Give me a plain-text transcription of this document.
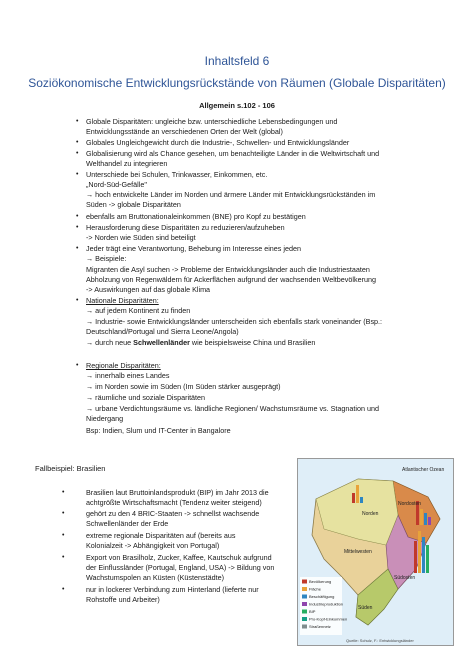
Inhaltsfeld 6
Soziökonomische Entwicklungsrückstände von Räumen (Globale Disparitäten)
Allgemein s.102 - 106
• Globale Disparitäten: ungleiche bzw. unterschiedliche Lebensbedingungen und
Entwicklungsstände an verschiedenen Orten der Welt (global)
• Globales Ungleichgewicht durch die Industrie-, Schwellen- und Entwicklungsländer
• Globalisierung wird als Chance gesehen, um benachteiligte Länder in die Weltwirtschaft und
Welthandel zu integrieren
• Unterschiede bei Schulen, Trinkwasser, Einkommen, etc.
„Nord-Süd-Gefälle"
→ hoch entwickelte Länder im Norden und ärmere Länder mit Entwicklungsrückständen im
Süden -> globale Disparitäten
• ebenfalls am Bruttonationaleinkommen (BNE) pro Kopf zu bestätigen
• Herausforderung diese Disparitäten zu reduzieren/aufzuheben
-> Norden wie Süden sind beteiligt
• Jeder trägt eine Verantwortung, Behebung im Interesse eines jeden
→ Beispiele:
Migranten die Asyl suchen -> Probleme der Entwicklungsländer auch die Industriestaaten
Abholzung von Regenwäldern für Ackerflächen aufgrund der wachsenden Weltbevölkerung
-> Auswirkungen auf das globale Klima
• Nationale Disparitäten:
→ auf jedem Kontinent zu finden
→ Industrie- sowie Entwicklungsländer unterscheiden sich ebenfalls stark voneinander (Bsp.:
Deutschland/Portugal und Sierra Leone/Angola)
→ durch neue Schwellenländer wie beispielsweise China und Brasilien
• Regionale Disparitäten:
→ innerhalb eines Landes
→ im Norden sowie im Süden (Im Süden stärker ausgeprägt)
→ räumliche und soziale Disparitäten
→ urbane Verdichtungsräume vs. ländliche Regionen/ Wachstumsräume vs. Stagnation und
Niedergang
Bsp: Indien, Slum und IT-Center in Bangalore
Fallbeispiel: Brasilien
•	Brasilien laut Bruttoinlandsprodukt (BIP) im Jahr 2013 die
achtgrößte Wirtschaftsmacht (Tendenz weiter steigend)
•	gehört zu den 4 BRIC-Staaten -> schnellst wachsende
Schwellenländer der Erde
•	extreme regionale Disparitäten auf (bereits aus
Kolonialzeit -> Abhängigkeit von Portugal)
•	Export von Brasilholz, Zucker, Kaffee, Kautschuk aufgrund
der Einflussländer (Portugal, England, USA) -> Bildung von
Wachstumspolen an Küsten (Küstenstädte)
•	nur in lockerer Verbindung zum Hinterland (lieferte nur
Rohstoffe und Arbeiter)
Atlantischer Ozean
Norden
Nordosten
Mittelwesten
Südosten
Süden
Bevölkerung
Fläche
Beschäftigung
Industrieproduktion
BIP
Pro-Kopf-Einkommen
Straßennetz
Quelle: Schulz, F.: Entwicklungsländer
